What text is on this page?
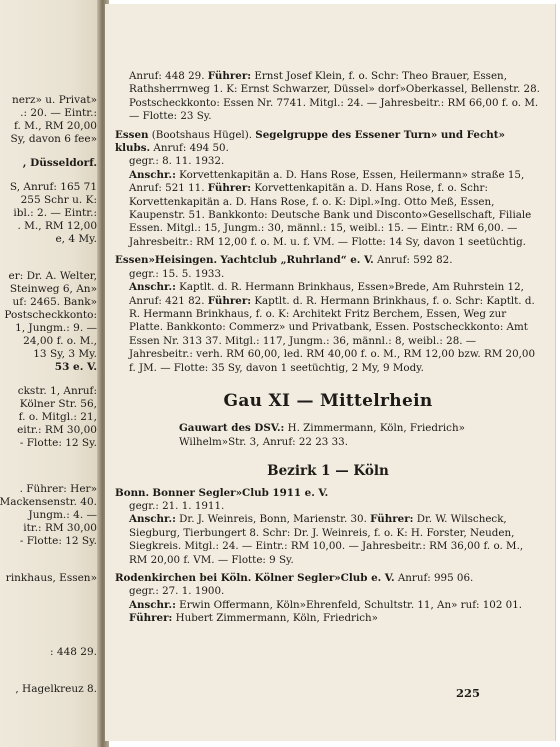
nerz» u. Privat»
.: 20. — Eintr.:
f. M., RM 20,00
Sy, davon 6 fee»
, Düsseldorf.
S, Anruf: 165 71
255 Schr u. K:
ibl.: 2. — Eintr.:
. M., RM 12,00
e, 4 My.
er: Dr. A. Welter,
Steinweg 6, An»
uf: 2465. Bank»
Postscheckkonto:
1, Jungm.: 9. —
24,00 f. o. M.,
13 Sy, 3 My.
53 e. V.
ckstr. 1, Anruf:
Kölner Str. 56,
f. o. Mitgl.: 21,
eitr.: RM 30,00
- Flotte: 12 Sy.
. Führer: Her»
Mackensenstr. 40.
Jungm.: 4. —
itr.: RM 30,00
- Flotte: 12 Sy.
rinkhaus, Essen»
: 448 29.
, Hagelkreuz 8.

Anruf: 448 29. Führer: Ernst Josef Klein, f. o. Schr: Theo Brauer, Essen, Rathsherrnweg 1. K: Ernst Schwarzer, Düssel» dorf»Oberkassel, Bellenstr. 28. Postscheckkonto: Essen Nr. 7741. Mitgl.: 24. — Jahresbeitr.: RM 66,00 f. o. M. — Flotte: 23 Sy.

Essen (Bootshaus Hügel). Segelgruppe des Essener Turn» und Fecht» klubs. Anruf: 494 50.
gegr.: 8. 11. 1932.
Anschr.: Korvettenkapitän a. D. Hans Rose, Essen, Heilermann» straße 15, Anruf: 521 11. Führer: Korvettenkapitän a. D. Hans Rose, f. o. Schr: Korvettenkapitän a. D. Hans Rose, f. o. K: Dipl.»Ing. Otto Meß, Essen, Kaupenstr. 51. Bankkonto: Deutsche Bank und Disconto»Gesellschaft, Filiale Essen. Mitgl.: 15, Jungm.: 30, männl.: 15, weibl.: 15. — Eintr.: RM 6,00. — Jahresbeitr.: RM 12,00 f. o. M. u. f. VM. — Flotte: 14 Sy, davon 1 seetüchtig.

Essen»Heisingen. Yachtclub „Ruhrland“ e. V. Anruf: 592 82.
gegr.: 15. 5. 1933.
Anschr.: Kaptlt. d. R. Hermann Brinkhaus, Essen»Brede, Am Ruhrstein 12, Anruf: 421 82. Führer: Kaptlt. d. R. Hermann Brinkhaus, f. o. Schr: Kaptlt. d. R. Hermann Brinkhaus, f. o. K: Architekt Fritz Berchem, Essen, Weg zur Platte. Bankkonto: Commerz» und Privatbank, Essen. Postscheckkonto: Amt Essen Nr. 313 37. Mitgl.: 117, Jungm.: 36, männl.: 8, weibl.: 28. — Jahresbeitr.: verh. RM 60,00, led. RM 40,00 f. o. M., RM 12,00 bzw. RM 20,00 f. JM. — Flotte: 35 Sy, davon 1 seetüchtig, 2 My, 9 Mody.

Gau XI — Mittelrhein

Gauwart des DSV.: H. Zimmermann, Köln, Friedrich» Wilhelm»Str. 3, Anruf: 22 23 33.

Bezirk 1 — Köln

Bonn. Bonner Segler»Club 1911 e. V.
gegr.: 21. 1. 1911.
Anschr.: Dr. J. Weinreis, Bonn, Marienstr. 30. Führer: Dr. W. Wilscheck, Siegburg, Tierbungert 8. Schr: Dr. J. Weinreis, f. o. K: H. Forster, Neuden, Siegkreis. Mitgl.: 24. — Eintr.: RM 10,00. — Jahresbeitr.: RM 36,00 f. o. M., RM 20,00 f. VM. — Flotte: 9 Sy.

Rodenkirchen bei Köln. Kölner Segler»Club e. V. Anruf: 995 06.
gegr.: 27. 1. 1900.
Anschr.: Erwin Offermann, Köln»Ehrenfeld, Schultstr. 11, An» ruf: 102 01. Führer: Hubert Zimmermann, Köln, Friedrich»

225
